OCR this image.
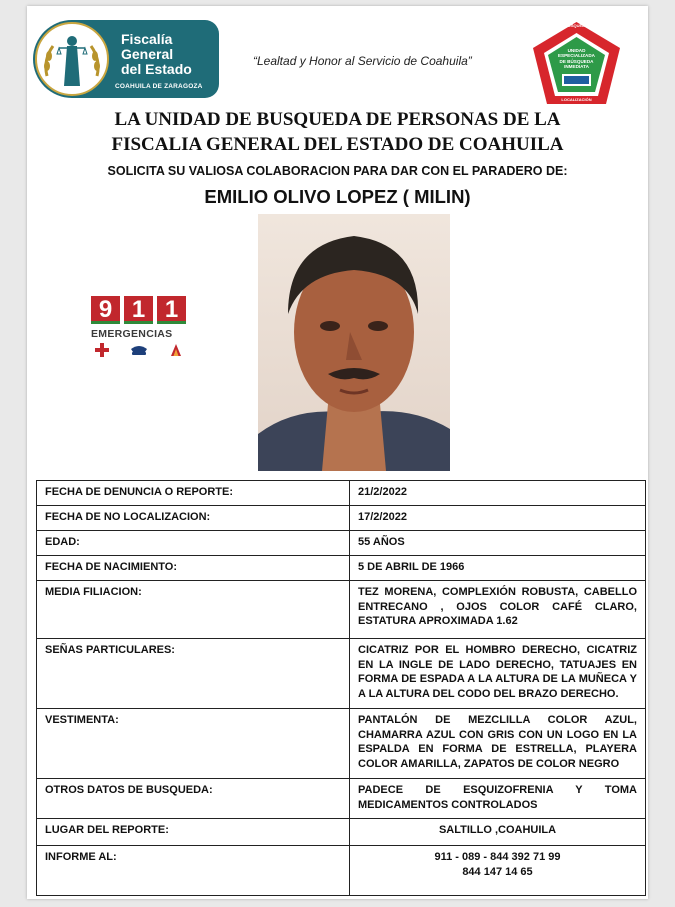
Fiscalía
General
del Estado
COAHUILA DE ZARAGOZA
“Lealtad y Honor al Servicio de Coahuila”
BÚSQUEDA
UNIDAD
ESPECIALIZADA
DE BÚSQUEDA
INMEDIATA
LOCALIZACIÓN
LA UNIDAD DE BUSQUEDA DE PERSONAS DE LA
FISCALIA GENERAL DEL ESTADO DE COAHUILA
SOLICITA SU VALIOSA COLABORACION PARA DAR CON EL PARADERO DE:
EMILIO OLIVO LOPEZ ( MILIN)
9 1 1
EMERGENCIAS
FECHA DE DENUNCIA O REPORTE:	21/2/2022
FECHA DE NO LOCALIZACION:	17/2/2022
EDAD:	55 AÑOS
FECHA DE NACIMIENTO:	5 DE ABRIL DE 1966
MEDIA FILIACION:	TEZ MORENA, COMPLEXIÓN ROBUSTA, CABELLO ENTRECANO , OJOS COLOR CAFÉ CLARO, ESTATURA APROXIMADA 1.62
SEÑAS PARTICULARES:	CICATRIZ POR EL HOMBRO DERECHO, CICATRIZ EN LA INGLE DE LADO DERECHO, TATUAJES EN FORMA DE ESPADA A LA ALTURA DE LA MUÑECA Y A LA ALTURA DEL CODO DEL BRAZO DERECHO.
VESTIMENTA:	PANTALÓN DE MEZCLILLA COLOR AZUL, CHAMARRA AZUL CON GRIS CON UN LOGO EN LA ESPALDA EN FORMA DE ESTRELLA, PLAYERA COLOR AMARILLA, ZAPATOS DE COLOR NEGRO
OTROS DATOS DE BUSQUEDA:	PADECE DE ESQUIZOFRENIA Y TOMA MEDICAMENTOS CONTROLADOS
LUGAR DEL REPORTE:	SALTILLO ,COAHUILA
INFORME AL:	911 - 089 - 844 392 71 99
844 147 14 65
